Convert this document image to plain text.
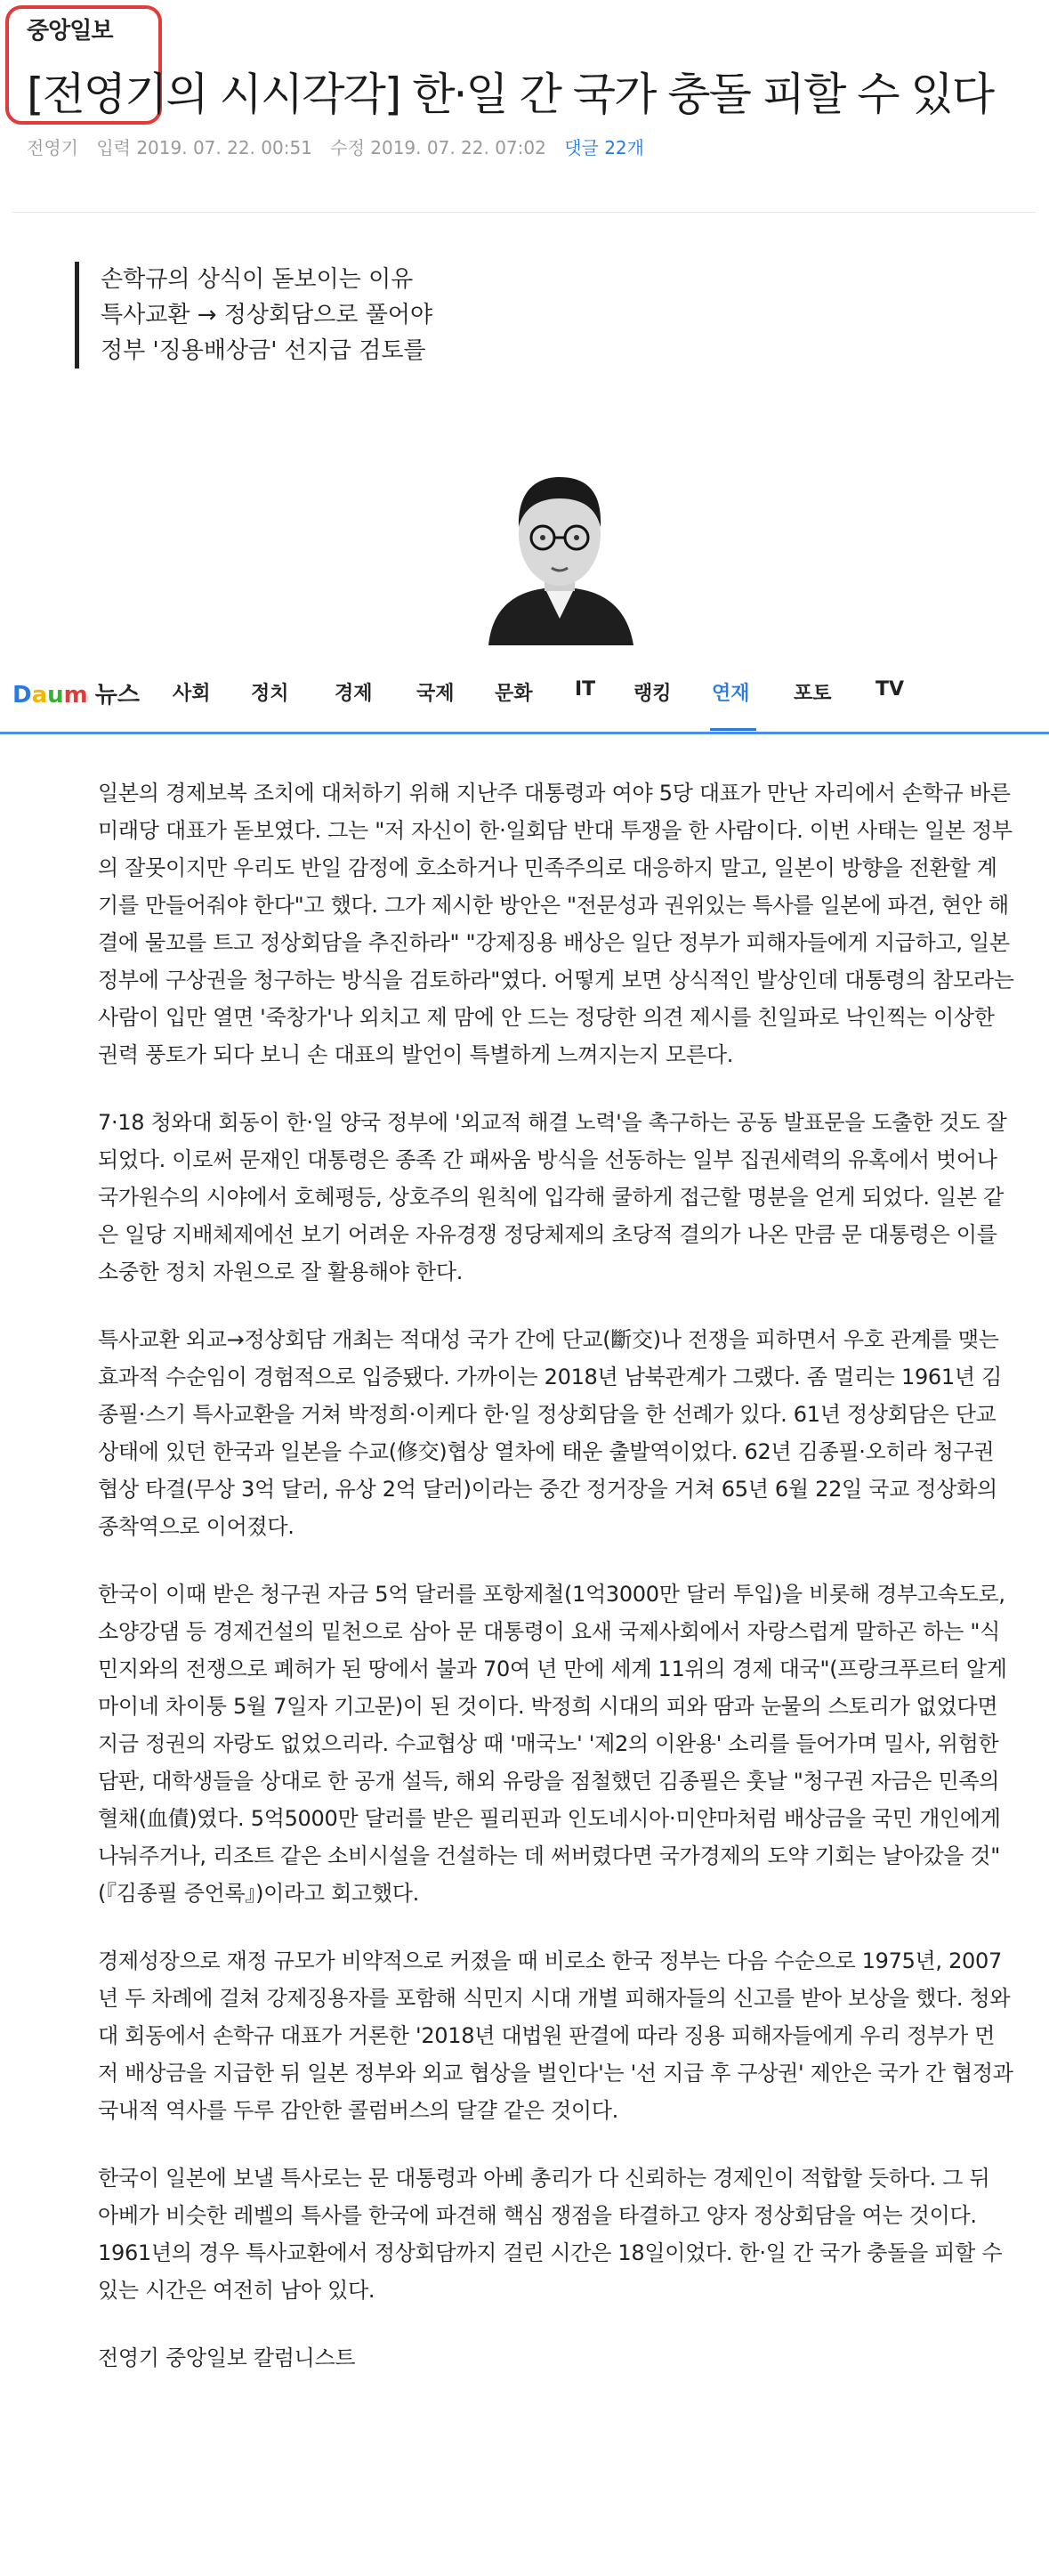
중앙일보
[전영기의 시시각각] 한·일 간 국가 충돌 피할 수 있다
전영기 입력 2019. 07. 22. 00:51 수정 2019. 07. 22. 07:02 댓글 22개
손학규의 상식이 돋보이는 이유
특사교환 → 정상회담으로 풀어야
정부 '징용배상금' 선지급 검토를
Daum 뉴스 사회 정치 경제 국제 문화 IT 랭킹 연재 포토 TV

일본의 경제보복 조치에 대처하기 위해 지난주 대통령과 여야 5당 대표가 만난 자리에서 손학규 바른미래당 대표가 돋보였다. 그는 "저 자신이 한·일회담 반대 투쟁을 한 사람이다. 이번 사태는 일본 정부의 잘못이지만 우리도 반일 감정에 호소하거나 민족주의로 대응하지 말고, 일본이 방향을 전환할 계기를 만들어줘야 한다"고 했다. 그가 제시한 방안은 "전문성과 권위있는 특사를 일본에 파견, 현안 해결에 물꼬를 트고 정상회담을 추진하라" "강제징용 배상은 일단 정부가 피해자들에게 지급하고, 일본 정부에 구상권을 청구하는 방식을 검토하라"였다. 어떻게 보면 상식적인 발상인데 대통령의 참모라는 사람이 입만 열면 '죽창가'나 외치고 제 맘에 안 드는 정당한 의견 제시를 친일파로 낙인찍는 이상한 권력 풍토가 되다 보니 손 대표의 발언이 특별하게 느껴지는지 모른다.

7·18 청와대 회동이 한·일 양국 정부에 '외교적 해결 노력'을 촉구하는 공동 발표문을 도출한 것도 잘되었다. 이로써 문재인 대통령은 종족 간 패싸움 방식을 선동하는 일부 집권세력의 유혹에서 벗어나 국가원수의 시야에서 호혜평등, 상호주의 원칙에 입각해 쿨하게 접근할 명분을 얻게 되었다. 일본 같은 일당 지배체제에선 보기 어려운 자유경쟁 정당체제의 초당적 결의가 나온 만큼 문 대통령은 이를 소중한 정치 자원으로 잘 활용해야 한다.

특사교환 외교→정상회담 개최는 적대성 국가 간에 단교(斷交)나 전쟁을 피하면서 우호 관계를 맺는 효과적 수순임이 경험적으로 입증됐다. 가까이는 2018년 남북관계가 그랬다. 좀 멀리는 1961년 김종필·스기 특사교환을 거쳐 박정희·이케다 한·일 정상회담을 한 선례가 있다. 61년 정상회담은 단교 상태에 있던 한국과 일본을 수교(修交)협상 열차에 태운 출발역이었다. 62년 김종필·오히라 청구권 협상 타결(무상 3억 달러, 유상 2억 달러)이라는 중간 정거장을 거쳐 65년 6월 22일 국교 정상화의 종착역으로 이어졌다.

한국이 이때 받은 청구권 자금 5억 달러를 포항제철(1억3000만 달러 투입)을 비롯해 경부고속도로, 소양강댐 등 경제건설의 밑천으로 삼아 문 대통령이 요새 국제사회에서 자랑스럽게 말하곤 하는 "식민지와의 전쟁으로 폐허가 된 땅에서 불과 70여 년 만에 세계 11위의 경제 대국"(프랑크푸르터 알게마이네 차이퉁 5월 7일자 기고문)이 된 것이다. 박정희 시대의 피와 땀과 눈물의 스토리가 없었다면 지금 정권의 자랑도 없었으리라. 수교협상 때 '매국노' '제2의 이완용' 소리를 들어가며 밀사, 위험한 담판, 대학생들을 상대로 한 공개 설득, 해외 유랑을 점철했던 김종필은 훗날 "청구권 자금은 민족의 혈채(血債)였다. 5억5000만 달러를 받은 필리핀과 인도네시아·미얀마처럼 배상금을 국민 개인에게 나눠주거나, 리조트 같은 소비시설을 건설하는 데 써버렸다면 국가경제의 도약 기회는 날아갔을 것"(『김종필 증언록』)이라고 회고했다.

경제성장으로 재정 규모가 비약적으로 커졌을 때 비로소 한국 정부는 다음 수순으로 1975년, 2007년 두 차례에 걸쳐 강제징용자를 포함해 식민지 시대 개별 피해자들의 신고를 받아 보상을 했다. 청와대 회동에서 손학규 대표가 거론한 '2018년 대법원 판결에 따라 징용 피해자들에게 우리 정부가 먼저 배상금을 지급한 뒤 일본 정부와 외교 협상을 벌인다'는 '선 지급 후 구상권' 제안은 국가 간 협정과 국내적 역사를 두루 감안한 콜럼버스의 달걀 같은 것이다.

한국이 일본에 보낼 특사로는 문 대통령과 아베 총리가 다 신뢰하는 경제인이 적합할 듯하다. 그 뒤 아베가 비슷한 레벨의 특사를 한국에 파견해 핵심 쟁점을 타결하고 양자 정상회담을 여는 것이다. 1961년의 경우 특사교환에서 정상회담까지 걸린 시간은 18일이었다. 한·일 간 국가 충돌을 피할 수 있는 시간은 여전히 남아 있다.

전영기 중앙일보 칼럼니스트
